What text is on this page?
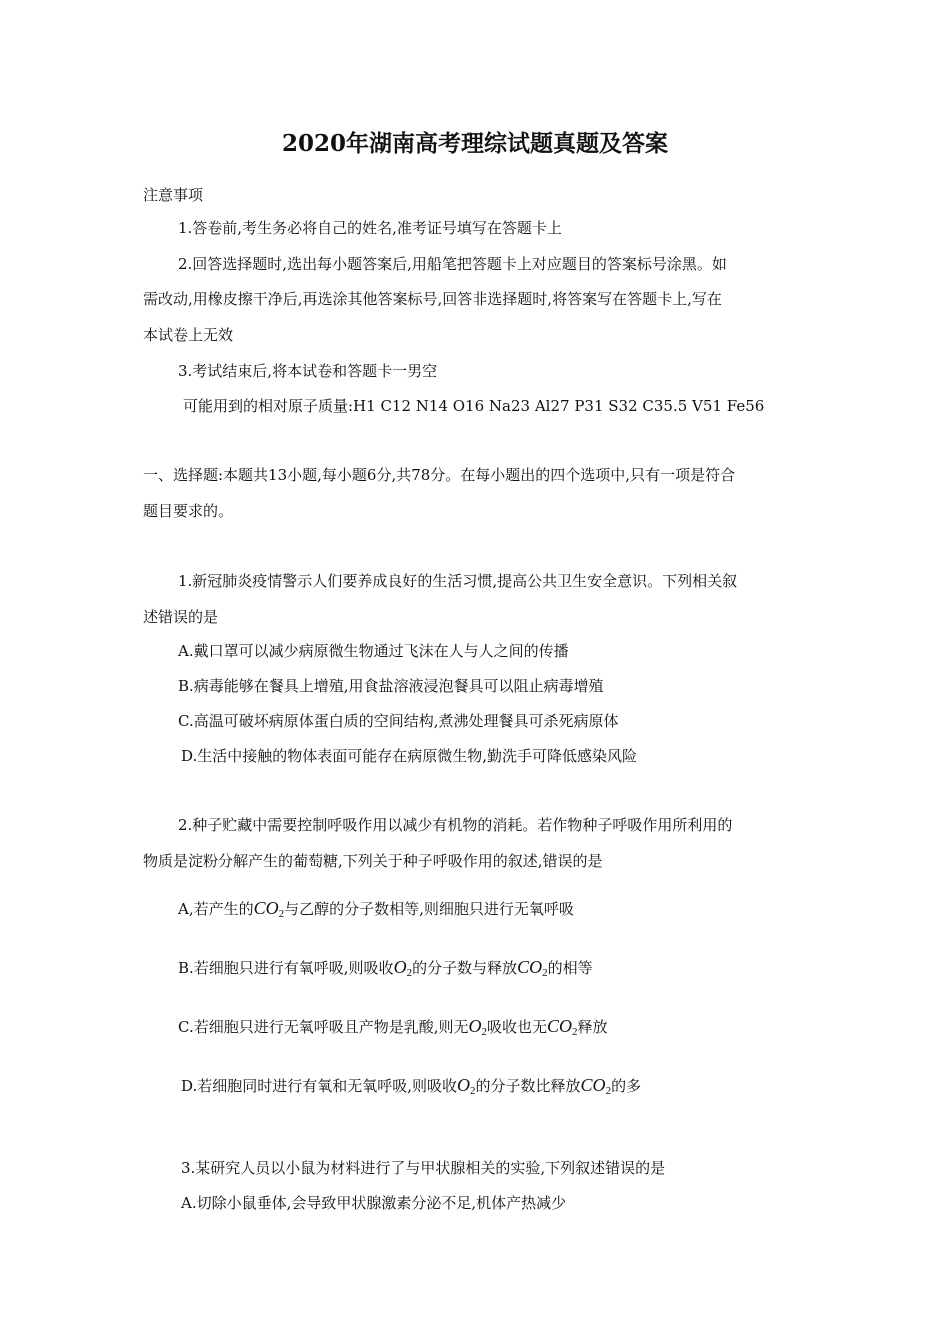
2020年湖南高考理综试题真题及答案
注意事项
1.答卷前,考生务必将自己的姓名,准考证号填写在答题卡上
2.回答选择题时,选出每小题答案后,用船笔把答题卡上对应题目的答案标号涂黑。如
需改动,用橡皮擦干净后,再选涂其他答案标号,回答非选择题时,将答案写在答题卡上,写在
本试卷上无效
3.考试结束后,将本试卷和答题卡一男空
可能用到的相对原子质量:H1 C12 N14 O16 Na23 Al27 P31 S32 C35.5 V51 Fe56
一、选择题:本题共13小题,每小题6分,共78分。在每小题出的四个选项中,只有一项是符合
题目要求的。
1.新冠肺炎疫情警示人们要养成良好的生活习惯,提高公共卫生安全意识。下列相关叙
述错误的是
A.戴口罩可以减少病原微生物通过飞沫在人与人之间的传播
B.病毒能够在餐具上增殖,用食盐溶液浸泡餐具可以阻止病毒增殖
C.高温可破坏病原体蛋白质的空间结构,煮沸处理餐具可杀死病原体
D.生活中接触的物体表面可能存在病原微生物,勤洗手可降低感染风险
2.种子贮藏中需要控制呼吸作用以减少有机物的消耗。若作物种子呼吸作用所利用的
物质是淀粉分解产生的葡萄糖,下列关于种子呼吸作用的叙述,错误的是
A,若产生的$CO_2$与乙醇的分子数相等,则细胞只进行无氧呼吸
B.若细胞只进行有氧呼吸,则吸收$O_2$的分子数与释放$CO_2$的相等
C.若细胞只进行无氧呼吸且产物是乳酸,则无$O_2$吸收也无$CO_2$释放
D.若细胞同时进行有氧和无氧呼吸,则吸收$O_2$的分子数比释放$CO_2$的多
3.某研究人员以小鼠为材料进行了与甲状腺相关的实验,下列叙述错误的是
A.切除小鼠垂体,会导致甲状腺激素分泌不足,机体产热减少
